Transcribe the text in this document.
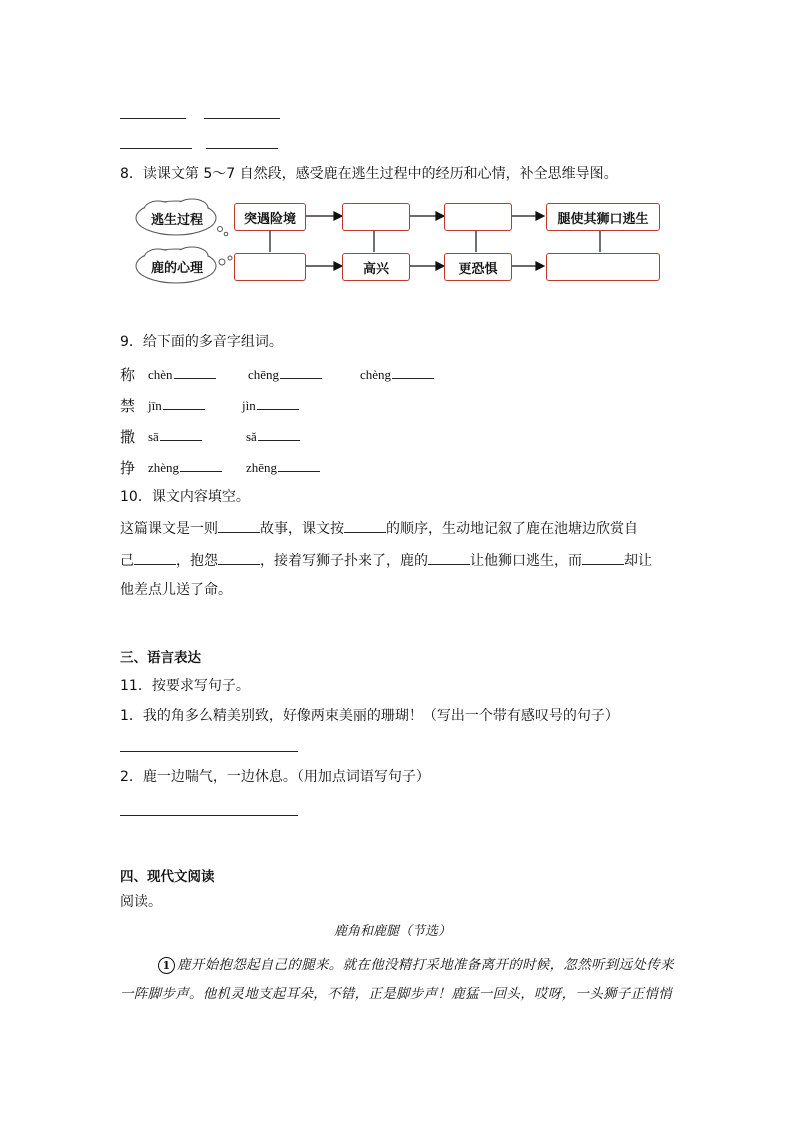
8．读课文第 5～7 自然段，感受鹿在逃生过程中的经历和心情，补全思维导图。
逃生过程
鹿的心理
突遇险境	腿使其狮口逃生
高兴	更恐惧
9．给下面的多音字组词。
称 chèn	chēng	chèng
禁 jīn	jìn
撒 sā	sǎ
挣 zhèng	zhēng
10．课文内容填空。
这篇课文是一则	故事，课文按	的顺序，生动地记叙了鹿在池塘边欣赏自
己	，抱怨	，接着写狮子扑来了，鹿的	让他狮口逃生，而	却让
他差点儿送了命。
三、语言表达
11．按要求写句子。
1．我的角多么精美别致，好像两束美丽的珊瑚！（写出一个带有感叹号的句子）
2．鹿一边喘气，一边休息。（用加点词语写句子）
四、现代文阅读
阅读。
鹿角和鹿腿（节选）
1 鹿开始抱怨起自己的腿来。就在他没精打采地准备离开的时候，忽然听到远处传来
一阵脚步声。他机灵地支起耳朵，不错，正是脚步声！鹿猛一回头，哎呀，一头狮子正悄悄
